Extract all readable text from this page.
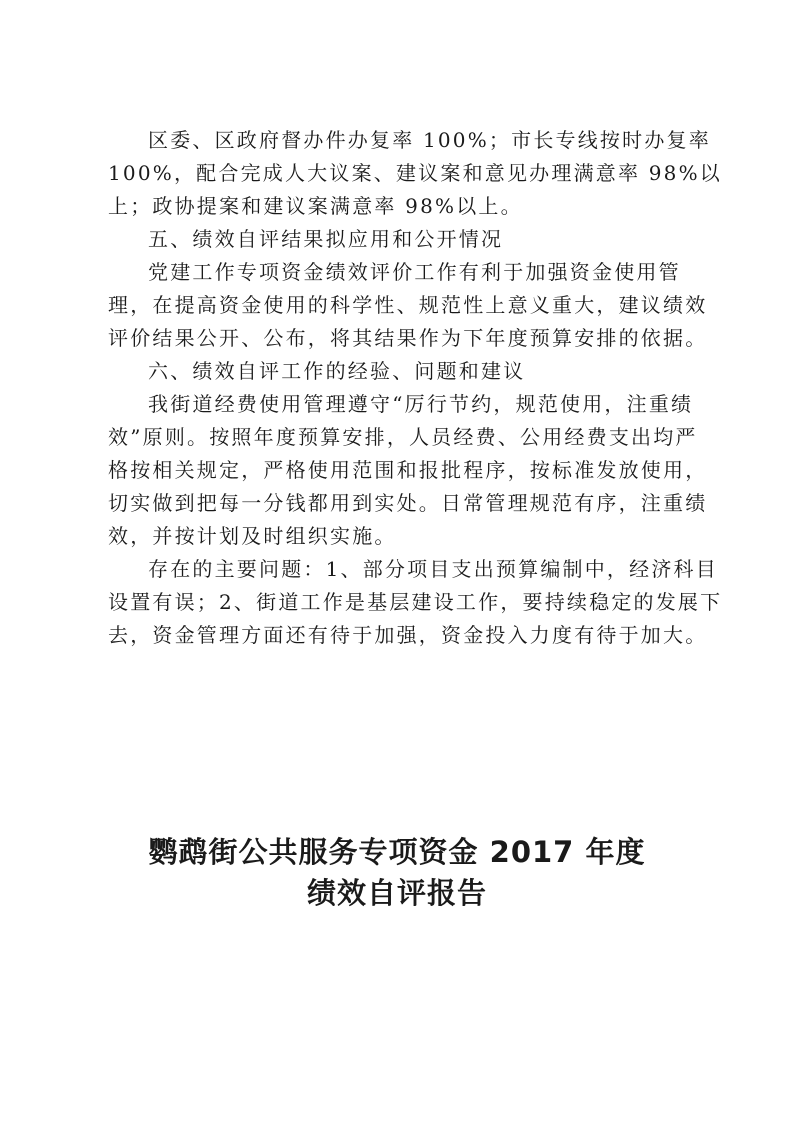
区委、区政府督办件办复率 100%；市长专线按时办复率
100%，配合完成人大议案、建议案和意见办理满意率 98%以
上；政协提案和建议案满意率 98%以上。
五、绩效自评结果拟应用和公开情况
党建工作专项资金绩效评价工作有利于加强资金使用管
理，在提高资金使用的科学性、规范性上意义重大，建议绩效
评价结果公开、公布，将其结果作为下年度预算安排的依据。
六、绩效自评工作的经验、问题和建议
我街道经费使用管理遵守“厉行节约，规范使用，注重绩
效”原则。按照年度预算安排，人员经费、公用经费支出均严
格按相关规定，严格使用范围和报批程序，按标准发放使用，
切实做到把每一分钱都用到实处。日常管理规范有序，注重绩
效，并按计划及时组织实施。
存在的主要问题：1、部分项目支出预算编制中，经济科目
设置有误；2、街道工作是基层建设工作，要持续稳定的发展下
去，资金管理方面还有待于加强，资金投入力度有待于加大。
鹦鹉街公共服务专项资金 2017 年度
绩效自评报告
